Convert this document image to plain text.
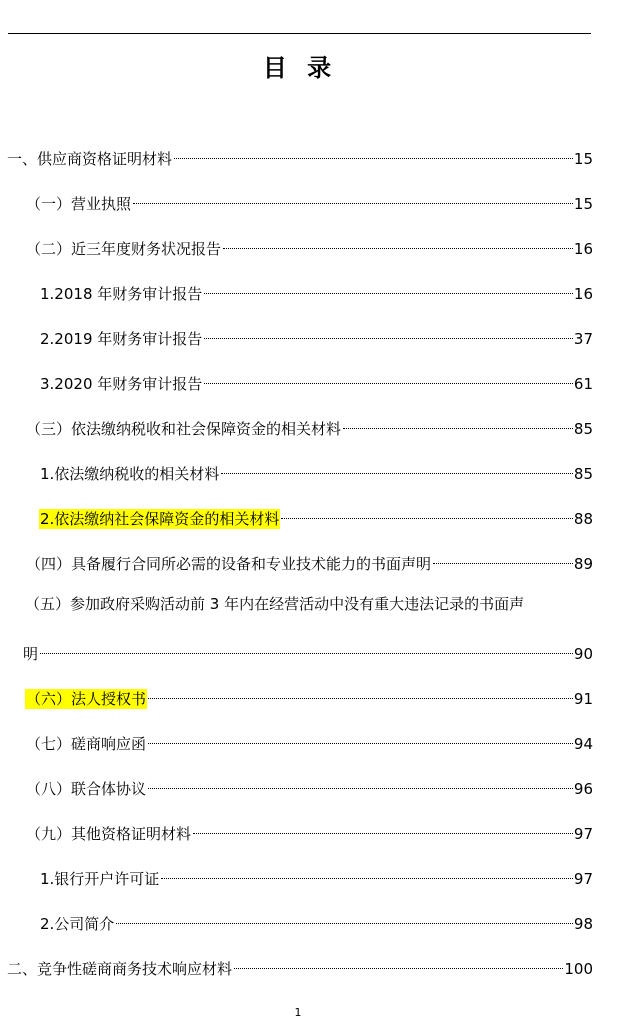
目 录
一、供应商资格证明材料	15
（一）营业执照	15
（二）近三年度财务状况报告	16
1.2018 年财务审计报告	16
2.2019 年财务审计报告	37
3.2020 年财务审计报告	61
（三）依法缴纳税收和社会保障资金的相关材料	85
1.依法缴纳税收的相关材料	85
2.依法缴纳社会保障资金的相关材料	88
（四）具备履行合同所必需的设备和专业技术能力的书面声明	89
（五）参加政府采购活动前 3 年内在经营活动中没有重大违法记录的书面声
明	90
（六）法人授权书	91
（七）磋商响应函	94
（八）联合体协议	96
（九）其他资格证明材料	97
1.银行开户许可证	97
2.公司简介	98
二、竞争性磋商商务技术响应材料	100
1
